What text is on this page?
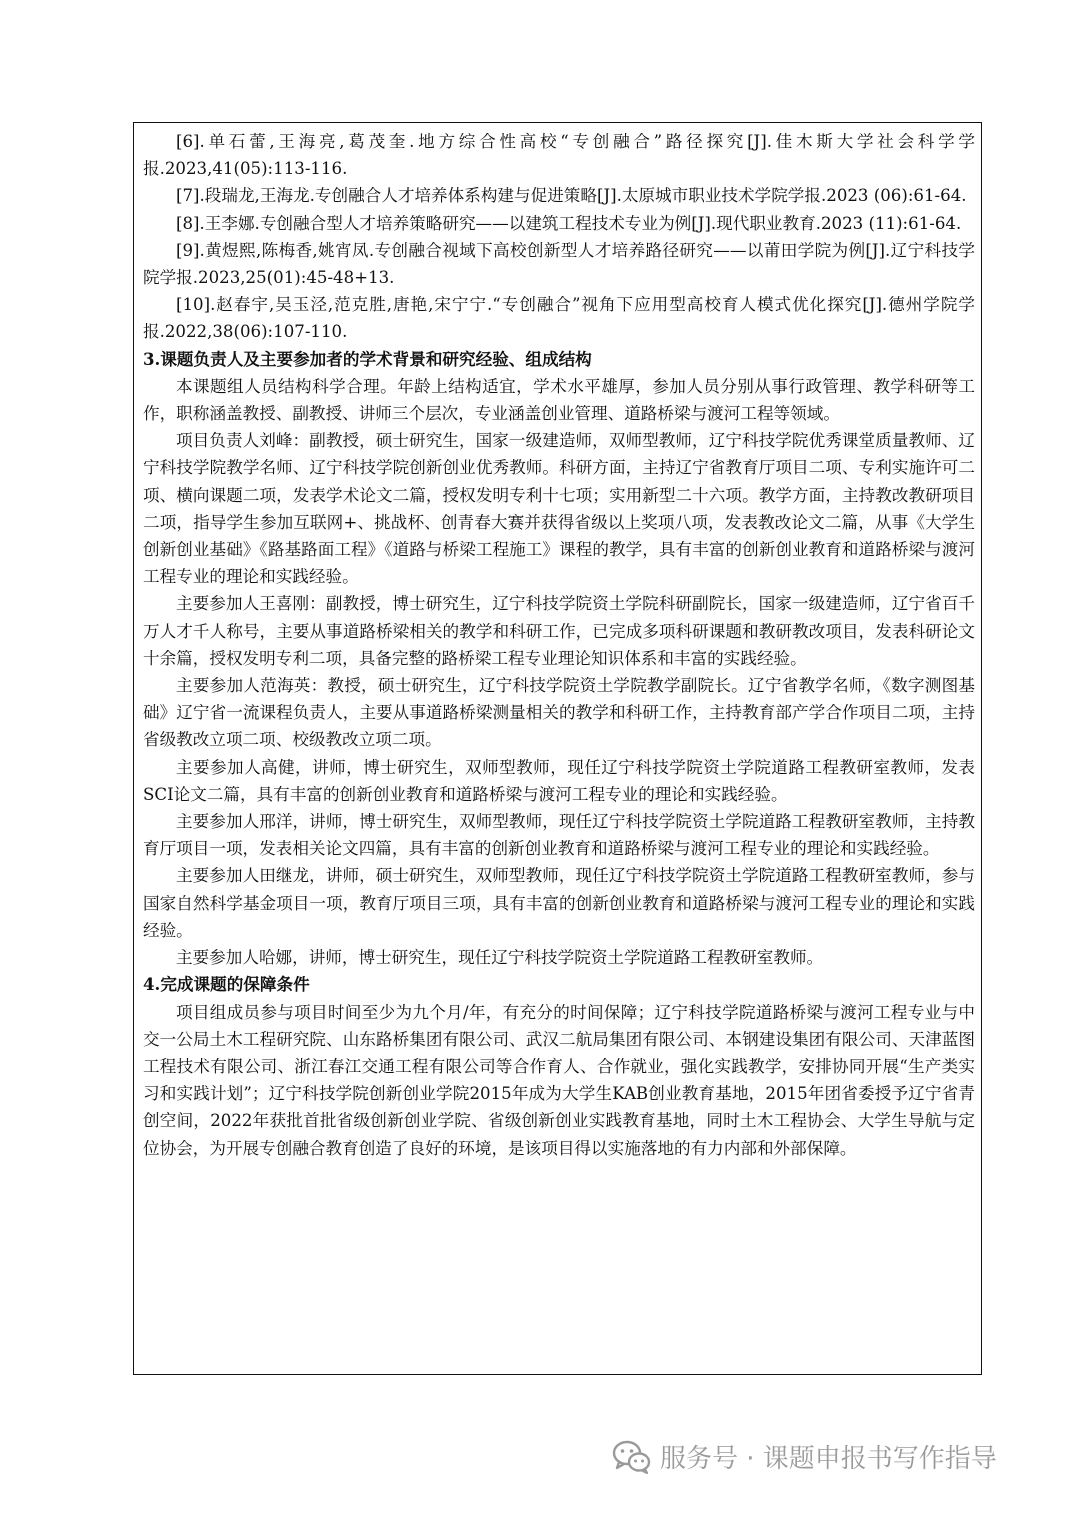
[6].单石蕾,王海亮,葛茂奎.地方综合性高校“专创融合”路径探究[J].佳木斯大学社会科学学报.2023,41(05):113-116.

[7].段瑞龙,王海龙.专创融合人才培养体系构建与促进策略[J].太原城市职业技术学院学报.2023 (06):61-64.

[8].王李娜.专创融合型人才培养策略研究——以建筑工程技术专业为例[J].现代职业教育.2023 (11):61-64.

[9].黄煜熙,陈梅香,姚宵凤.专创融合视域下高校创新型人才培养路径研究——以莆田学院为例[J].辽宁科技学院学报.2023,25(01):45-48+13.

[10].赵春宇,吴玉泾,范克胜,唐艳,宋宁宁.“专创融合”视角下应用型高校育人模式优化探究[J].德州学院学报.2022,38(06):107-110.

3.课题负责人及主要参加者的学术背景和研究经验、组成结构

本课题组人员结构科学合理。年龄上结构适宜，学术水平雄厚，参加人员分别从事行政管理、教学科研等工作，职称涵盖教授、副教授、讲师三个层次，专业涵盖创业管理、道路桥梁与渡河工程等领域。

项目负责人刘峰：副教授，硕士研究生，国家一级建造师，双师型教师，辽宁科技学院优秀课堂质量教师、辽宁科技学院教学名师、辽宁科技学院创新创业优秀教师。科研方面，主持辽宁省教育厅项目二项、专利实施许可二项、横向课题二项，发表学术论文二篇，授权发明专利十七项；实用新型二十六项。教学方面，主持教改教研项目二项，指导学生参加互联网+、挑战杯、创青春大赛并获得省级以上奖项八项，发表教改论文二篇，从事《大学生创新创业基础》《路基路面工程》《道路与桥梁工程施工》课程的教学，具有丰富的创新创业教育和道路桥梁与渡河工程专业的理论和实践经验。

主要参加人王喜刚：副教授，博士研究生，辽宁科技学院资土学院科研副院长，国家一级建造师，辽宁省百千万人才千人称号，主要从事道路桥梁相关的教学和科研工作，已完成多项科研课题和教研教改项目，发表科研论文十余篇，授权发明专利二项，具备完整的路桥梁工程专业理论知识体系和丰富的实践经验。

主要参加人范海英：教授，硕士研究生，辽宁科技学院资土学院教学副院长。辽宁省教学名师，《数字测图基础》辽宁省一流课程负责人，主要从事道路桥梁测量相关的教学和科研工作，主持教育部产学合作项目二项，主持省级教改立项二项、校级教改立项二项。

主要参加人高健，讲师，博士研究生，双师型教师，现任辽宁科技学院资土学院道路工程教研室教师，发表SCI论文二篇，具有丰富的创新创业教育和道路桥梁与渡河工程专业的理论和实践经验。

主要参加人邢洋，讲师，博士研究生，双师型教师，现任辽宁科技学院资土学院道路工程教研室教师，主持教育厅项目一项，发表相关论文四篇，具有丰富的创新创业教育和道路桥梁与渡河工程专业的理论和实践经验。

主要参加人田继龙，讲师，硕士研究生，双师型教师，现任辽宁科技学院资土学院道路工程教研室教师，参与国家自然科学基金项目一项，教育厅项目三项，具有丰富的创新创业教育和道路桥梁与渡河工程专业的理论和实践经验。

主要参加人哈娜，讲师，博士研究生，现任辽宁科技学院资土学院道路工程教研室教师。

4.完成课题的保障条件

项目组成员参与项目时间至少为九个月/年，有充分的时间保障；辽宁科技学院道路桥梁与渡河工程专业与中交一公局土木工程研究院、山东路桥集团有限公司、武汉二航局集团有限公司、本钢建设集团有限公司、天津蓝图工程技术有限公司、浙江春江交通工程有限公司等合作育人、合作就业，强化实践教学，安排协同开展“生产类实习和实践计划”；辽宁科技学院创新创业学院2015年成为大学生KAB创业教育基地，2015年团省委授予辽宁省青创空间，2022年获批首批省级创新创业学院、省级创新创业实践教育基地，同时土木工程协会、大学生导航与定位协会，为开展专创融合教育创造了良好的环境，是该项目得以实施落地的有力内部和外部保障。

服务号 · 课题申报书写作指导
